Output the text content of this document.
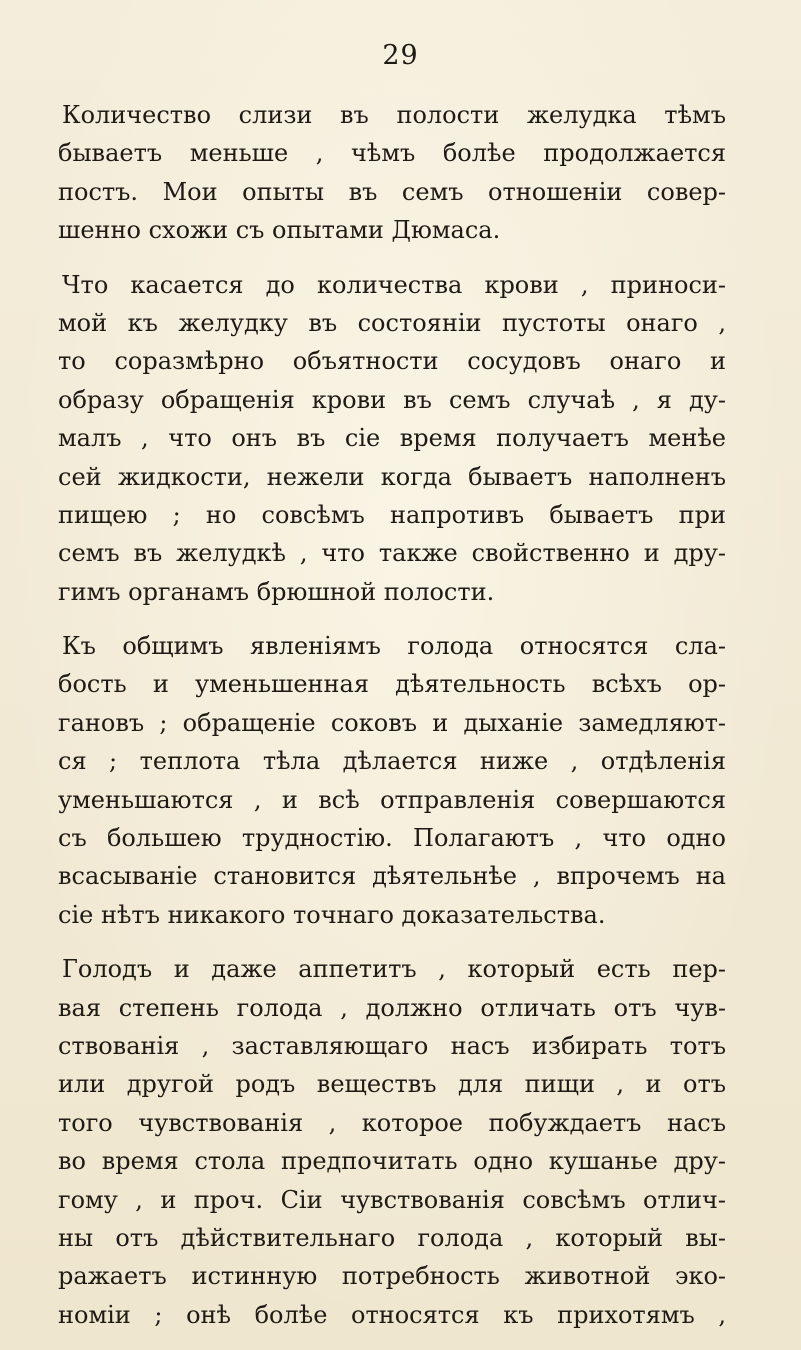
29
Количество слизи въ полости желудка тѣмъ
бываетъ меньше , чѣмъ болѣе продолжается
постъ. Мои опыты въ семъ отношенiи совер-
шенно схожи съ опытами Дюмаса.
Что касается до количества крови , приноси-
мой къ желудку въ состоянiи пустоты онаго ,
то соразмѣрно объятности сосудовъ онаго и
образу обращенiя крови въ семъ случаѣ , я ду-
малъ , что онъ въ сiе время получаетъ менѣе
сей жидкости, нежели когда бываетъ наполненъ
пищею ; но совсѣмъ напротивъ бываетъ при
семъ въ желудкѣ , что также свойственно и дру-
гимъ органамъ брюшной полости.
Къ общимъ явленiямъ голода относятся сла-
бость и уменьшенная дѣятельность всѣхъ ор-
гановъ ; обращенiе соковъ и дыханiе замедляют-
ся ; теплота тѣла дѣлается ниже , отдѣленiя
уменьшаются , и всѣ отправленiя совершаются
съ большею трудностiю. Полагаютъ , что одно
всасыванiе становится дѣятельнѣе , впрочемъ на
сiе нѣтъ никакого точнаго доказательства.
Голодъ и даже аппетитъ , который есть пер-
вая степень голода , должно отличать отъ чув-
ствованiя , заставляющаго насъ избирать тотъ
или другой родъ веществъ для пищи , и отъ
того чувствованiя , которое побуждаетъ насъ
во время стола предпочитать одно кушанье дру-
гому , и проч. Сiи чувствованiя совсѣмъ отлич-
ны отъ дѣйствительнаго голода , который вы-
ражаетъ истинную потребность животной эко-
номiи ; онѣ болѣе относятся къ прихотямъ ,
